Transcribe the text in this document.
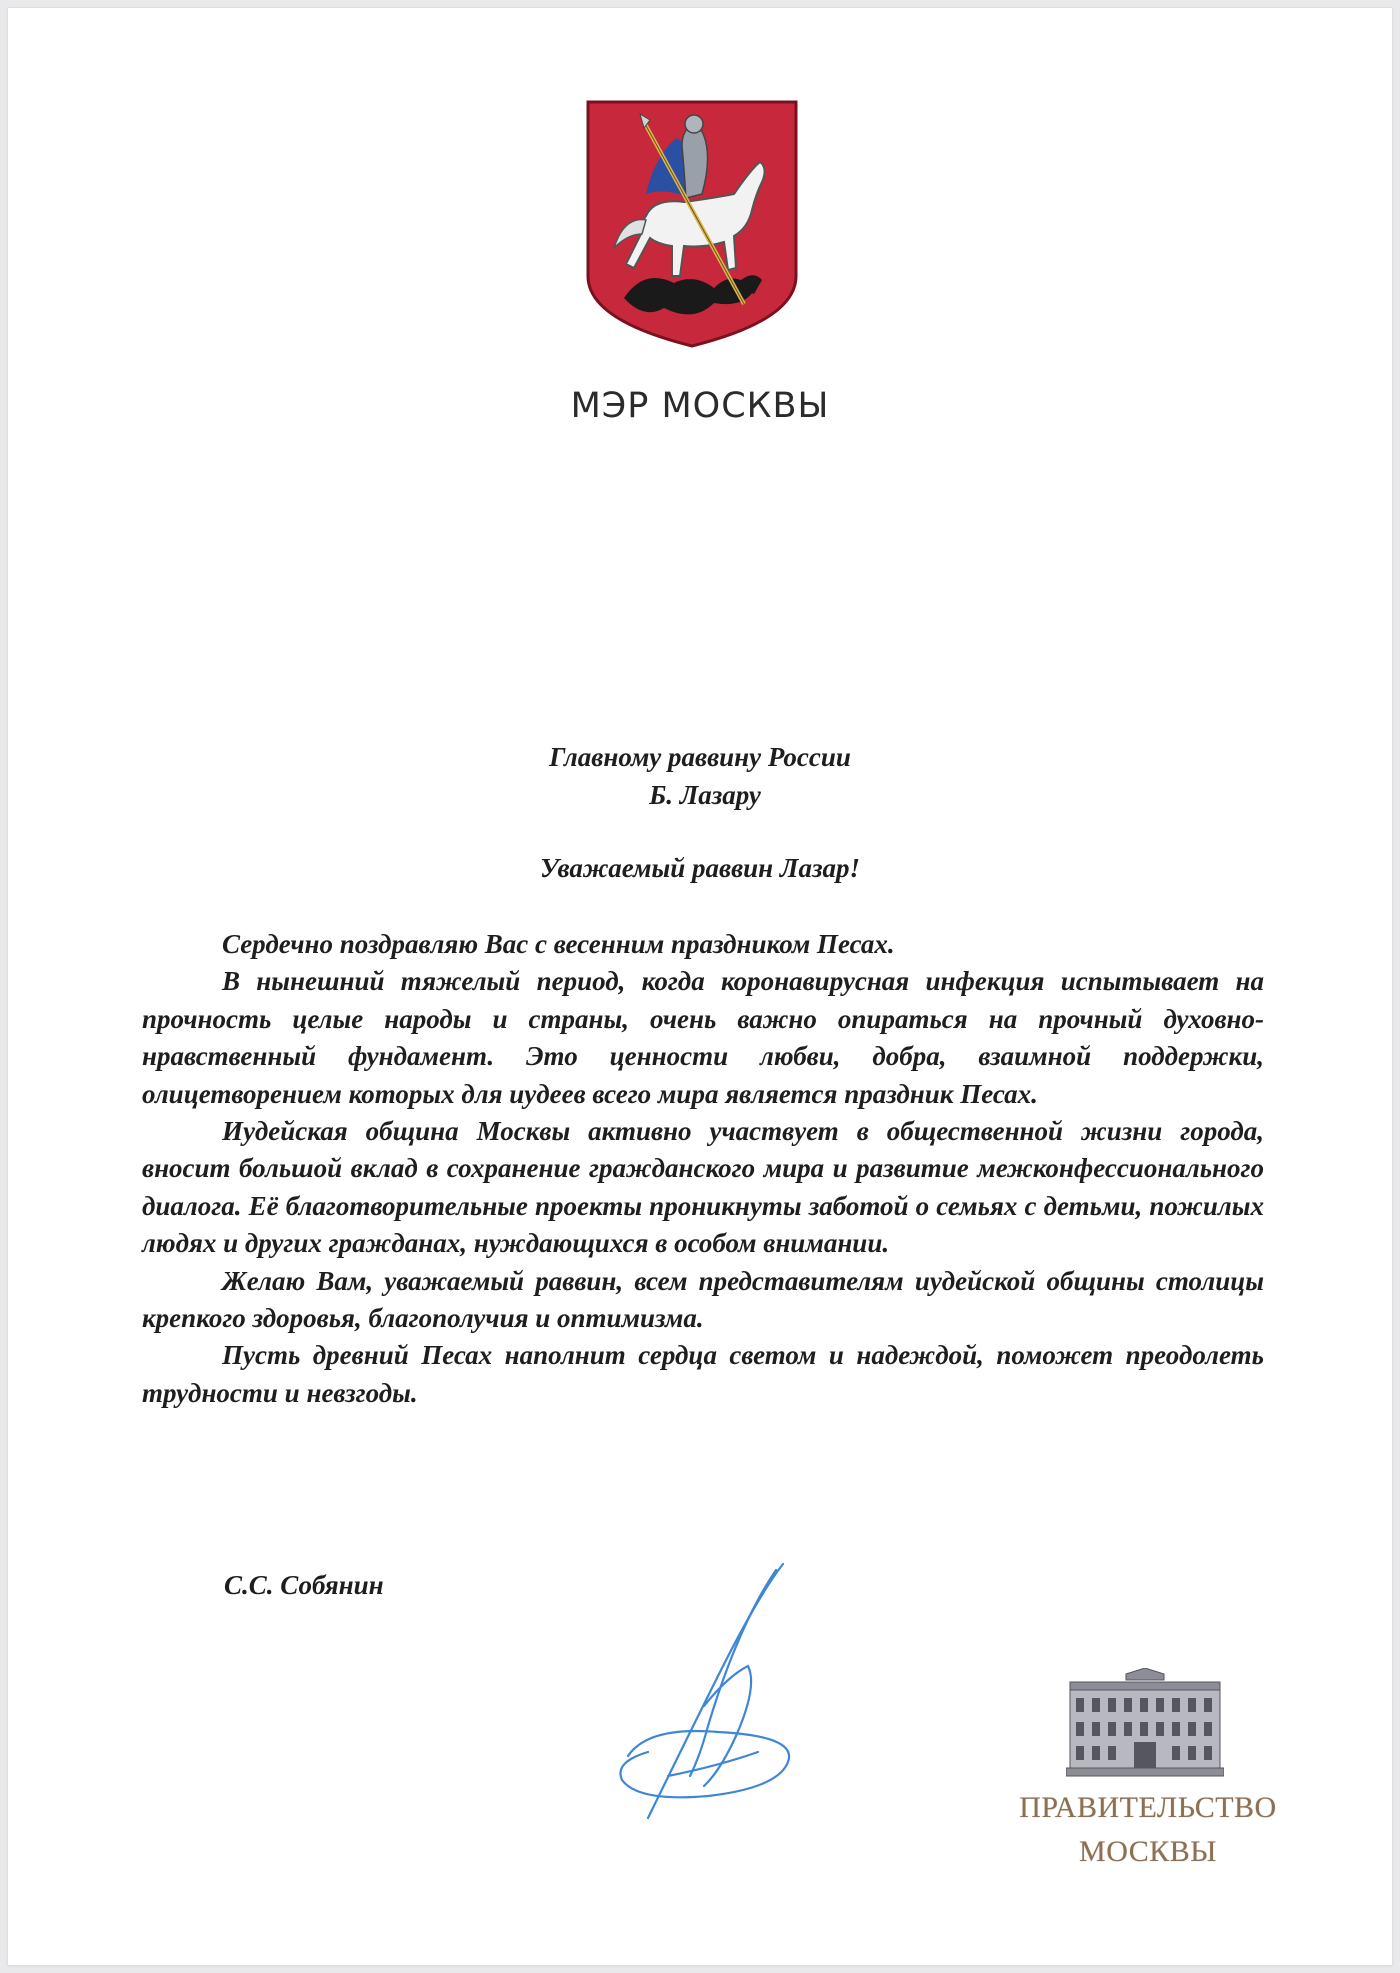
МЭР МОСКВЫ
Главному раввину России
Б. Лазару
Уважаемый раввин Лазар!

Сердечно поздравляю Вас с весенним праздником Песах.

В нынешний тяжелый период, когда коронавирусная инфекция испытывает на прочность целые народы и страны, очень важно опираться на прочный духовно-нравственный фундамент. Это ценности любви, добра, взаимной поддержки, олицетворением которых для иудеев всего мира является праздник Песах.

Иудейская община Москвы активно участвует в общественной жизни города, вносит большой вклад в сохранение гражданского мира и развитие межконфессионального диалога. Её благотворительные проекты проникнуты заботой о семьях с детьми, пожилых людях и других гражданах, нуждающихся в особом внимании.

Желаю Вам, уважаемый раввин, всем представителям иудейской общины столицы крепкого здоровья, благополучия и оптимизма.

Пусть древний Песах наполнит сердца светом и надеждой, поможет преодолеть трудности и невзгоды.

С.С. Собянин
ПРАВИТЕЛЬСТВО
МОСКВЫ
